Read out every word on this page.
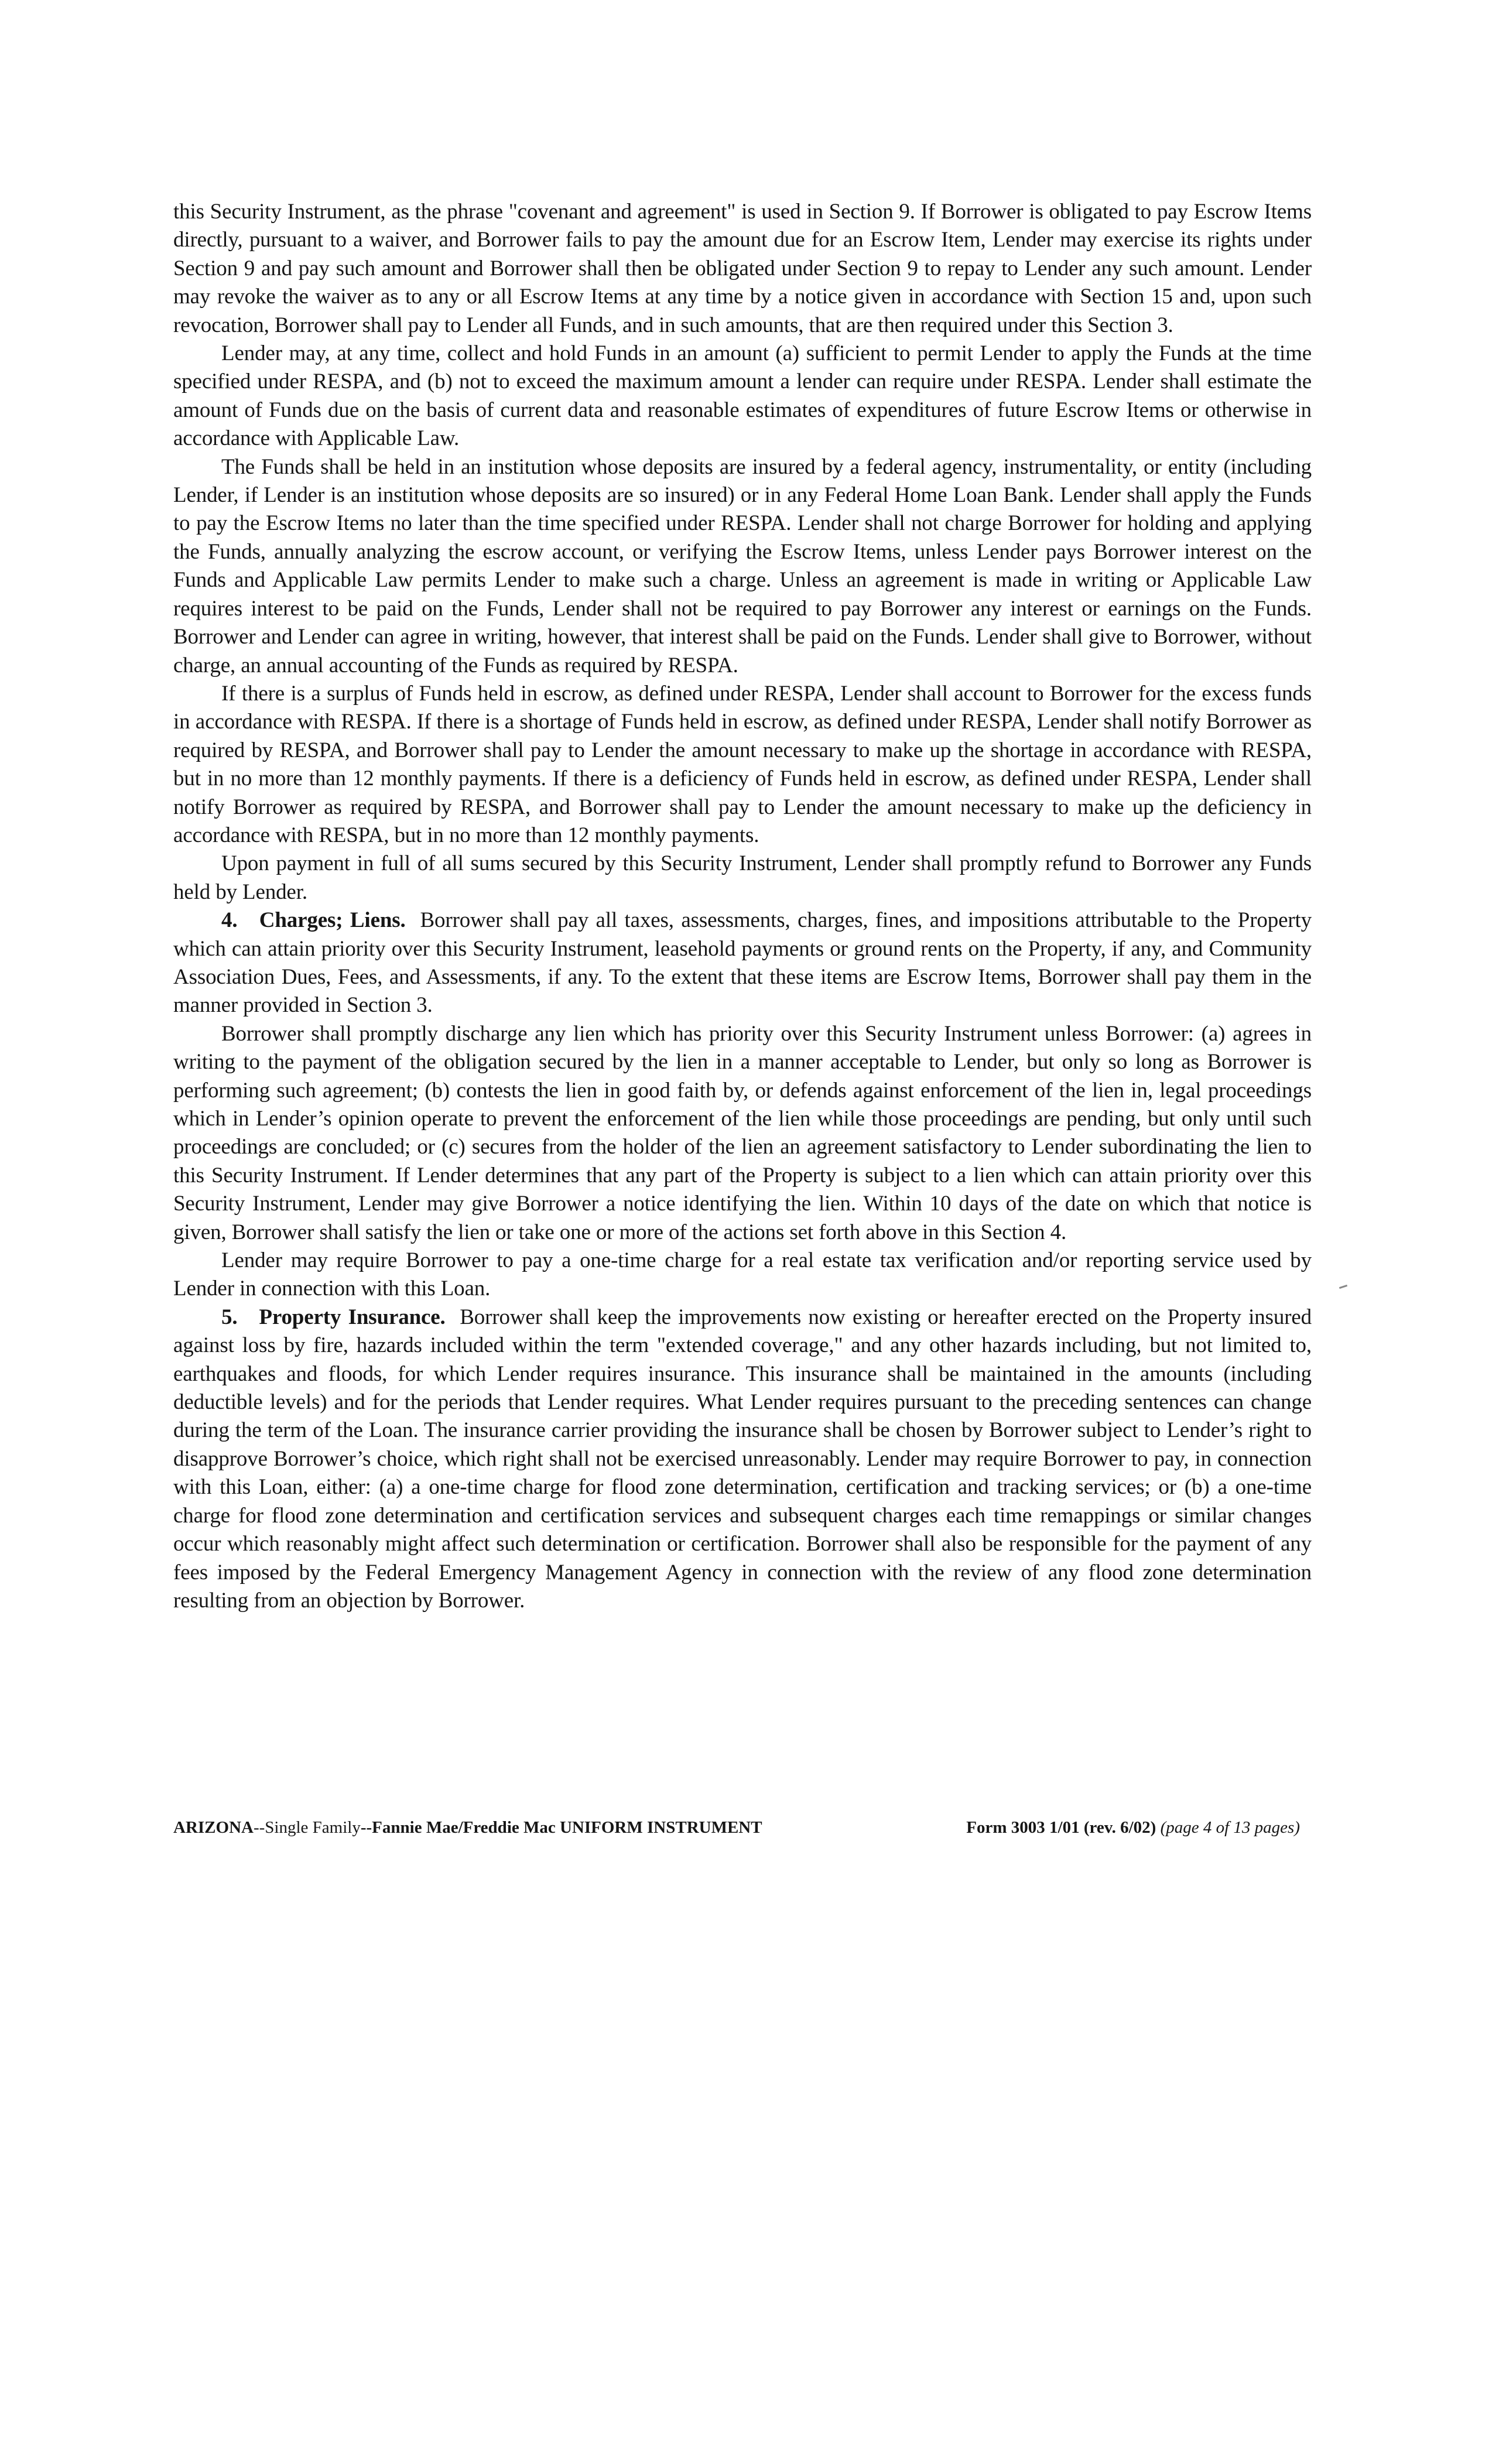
this Security Instrument, as the phrase "covenant and agreement" is used in Section 9. If Borrower is obligated to pay Escrow Items directly, pursuant to a waiver, and Borrower fails to pay the amount due for an Escrow Item, Lender may exercise its rights under Section 9 and pay such amount and Borrower shall then be obligated under Section 9 to repay to Lender any such amount. Lender may revoke the waiver as to any or all Escrow Items at any time by a notice given in accordance with Section 15 and, upon such revocation, Borrower shall pay to Lender all Funds, and in such amounts, that are then required under this Section 3.

Lender may, at any time, collect and hold Funds in an amount (a) sufficient to permit Lender to apply the Funds at the time specified under RESPA, and (b) not to exceed the maximum amount a lender can require under RESPA. Lender shall estimate the amount of Funds due on the basis of current data and reasonable estimates of expenditures of future Escrow Items or otherwise in accordance with Applicable Law.

The Funds shall be held in an institution whose deposits are insured by a federal agency, instrumentality, or entity (including Lender, if Lender is an institution whose deposits are so insured) or in any Federal Home Loan Bank. Lender shall apply the Funds to pay the Escrow Items no later than the time specified under RESPA. Lender shall not charge Borrower for holding and applying the Funds, annually analyzing the escrow account, or verifying the Escrow Items, unless Lender pays Borrower interest on the Funds and Applicable Law permits Lender to make such a charge. Unless an agreement is made in writing or Applicable Law requires interest to be paid on the Funds, Lender shall not be required to pay Borrower any interest or earnings on the Funds. Borrower and Lender can agree in writing, however, that interest shall be paid on the Funds. Lender shall give to Borrower, without charge, an annual accounting of the Funds as required by RESPA.

If there is a surplus of Funds held in escrow, as defined under RESPA, Lender shall account to Borrower for the excess funds in accordance with RESPA. If there is a shortage of Funds held in escrow, as defined under RESPA, Lender shall notify Borrower as required by RESPA, and Borrower shall pay to Lender the amount necessary to make up the shortage in accordance with RESPA, but in no more than 12 monthly payments. If there is a deficiency of Funds held in escrow, as defined under RESPA, Lender shall notify Borrower as required by RESPA, and Borrower shall pay to Lender the amount necessary to make up the deficiency in accordance with RESPA, but in no more than 12 monthly payments.

Upon payment in full of all sums secured by this Security Instrument, Lender shall promptly refund to Borrower any Funds held by Lender.

4. Charges; Liens. Borrower shall pay all taxes, assessments, charges, fines, and impositions attributable to the Property which can attain priority over this Security Instrument, leasehold payments or ground rents on the Property, if any, and Community Association Dues, Fees, and Assessments, if any. To the extent that these items are Escrow Items, Borrower shall pay them in the manner provided in Section 3.

Borrower shall promptly discharge any lien which has priority over this Security Instrument unless Borrower: (a) agrees in writing to the payment of the obligation secured by the lien in a manner acceptable to Lender, but only so long as Borrower is performing such agreement; (b) contests the lien in good faith by, or defends against enforcement of the lien in, legal proceedings which in Lender’s opinion operate to prevent the enforcement of the lien while those proceedings are pending, but only until such proceedings are concluded; or (c) secures from the holder of the lien an agreement satisfactory to Lender subordinating the lien to this Security Instrument. If Lender determines that any part of the Property is subject to a lien which can attain priority over this Security Instrument, Lender may give Borrower a notice identifying the lien. Within 10 days of the date on which that notice is given, Borrower shall satisfy the lien or take one or more of the actions set forth above in this Section 4.

Lender may require Borrower to pay a one-time charge for a real estate tax verification and/or reporting service used by Lender in connection with this Loan.

5. Property Insurance. Borrower shall keep the improvements now existing or hereafter erected on the Property insured against loss by fire, hazards included within the term "extended coverage," and any other hazards including, but not limited to, earthquakes and floods, for which Lender requires insurance. This insurance shall be maintained in the amounts (including deductible levels) and for the periods that Lender requires. What Lender requires pursuant to the preceding sentences can change during the term of the Loan. The insurance carrier providing the insurance shall be chosen by Borrower subject to Lender’s right to disapprove Borrower’s choice, which right shall not be exercised unreasonably. Lender may require Borrower to pay, in connection with this Loan, either: (a) a one-time charge for flood zone determination, certification and tracking services; or (b) a one-time charge for flood zone determination and certification services and subsequent charges each time remappings or similar changes occur which reasonably might affect such determination or certification. Borrower shall also be responsible for the payment of any fees imposed by the Federal Emergency Management Agency in connection with the review of any flood zone determination resulting from an objection by Borrower.

ARIZONA--Single Family--Fannie Mae/Freddie Mac UNIFORM INSTRUMENT	Form 3003 1/01 (rev. 6/02) (page 4 of 13 pages)
